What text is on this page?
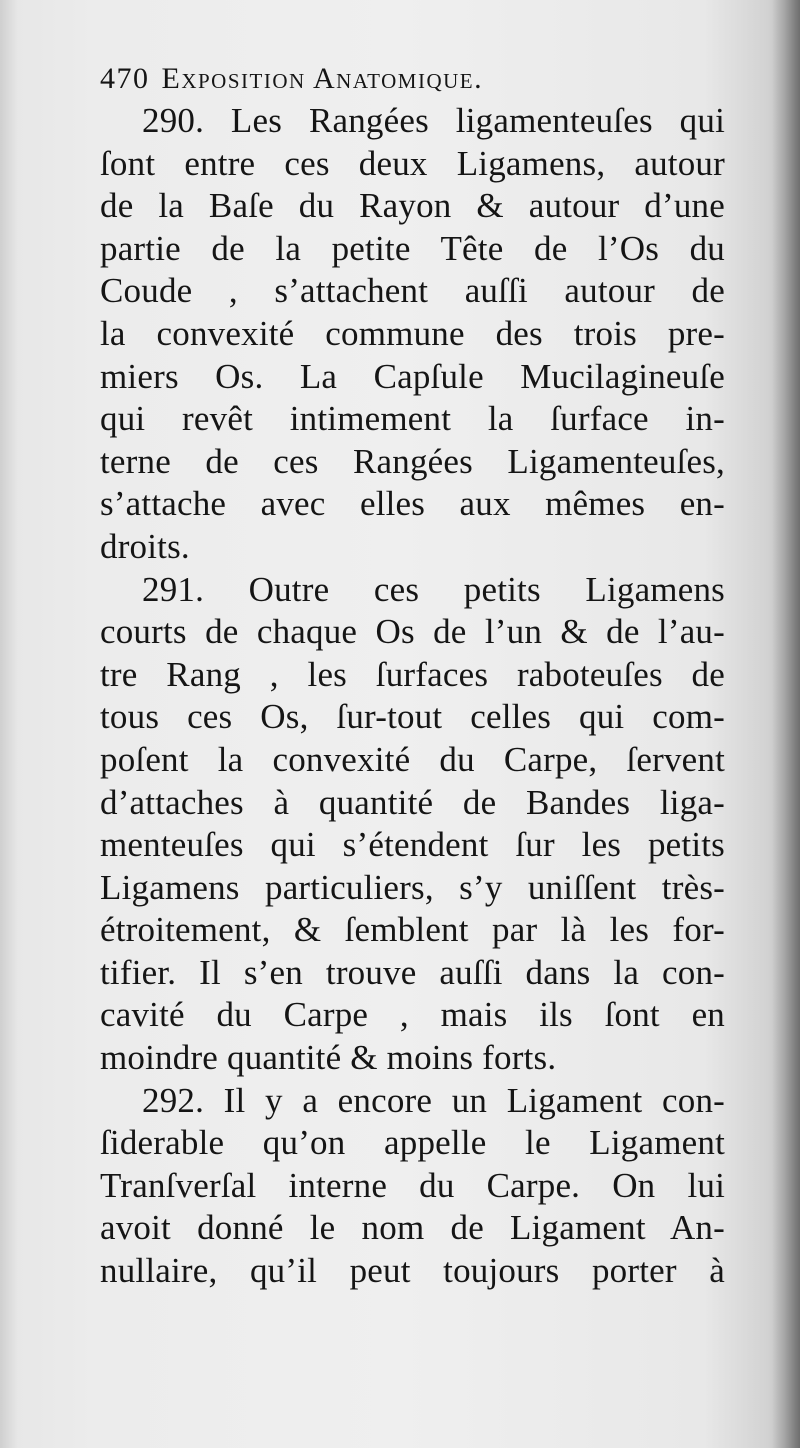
470 Exposition Anatomique.
290. Les Rangées ligamenteuſes qui
ſont entre ces deux Ligamens, autour
de la Baſe du Rayon & autour d’une
partie de la petite Tête de l’Os du
Coude , s’attachent auſſi autour de
la convexité commune des trois pre-
miers Os. La Capſule Mucilagineuſe
qui revêt intimement la ſurface in-
terne de ces Rangées Ligamenteuſes,
s’attache avec elles aux mêmes en-
droits.
291. Outre ces petits Ligamens
courts de chaque Os de l’un & de l’au-
tre Rang , les ſurfaces raboteuſes de
tous ces Os, ſur-tout celles qui com-
poſent la convexité du Carpe, ſervent
d’attaches à quantité de Bandes liga-
menteuſes qui s’étendent ſur les petits
Ligamens particuliers, s’y uniſſent très-
étroitement, & ſemblent par là les for-
tifier. Il s’en trouve auſſi dans la con-
cavité du Carpe , mais ils ſont en
moindre quantité & moins forts.
292. Il y a encore un Ligament con-
ſiderable qu’on appelle le Ligament
Tranſverſal interne du Carpe. On lui
avoit donné le nom de Ligament An-
nullaire, qu’il peut toujours porter à
